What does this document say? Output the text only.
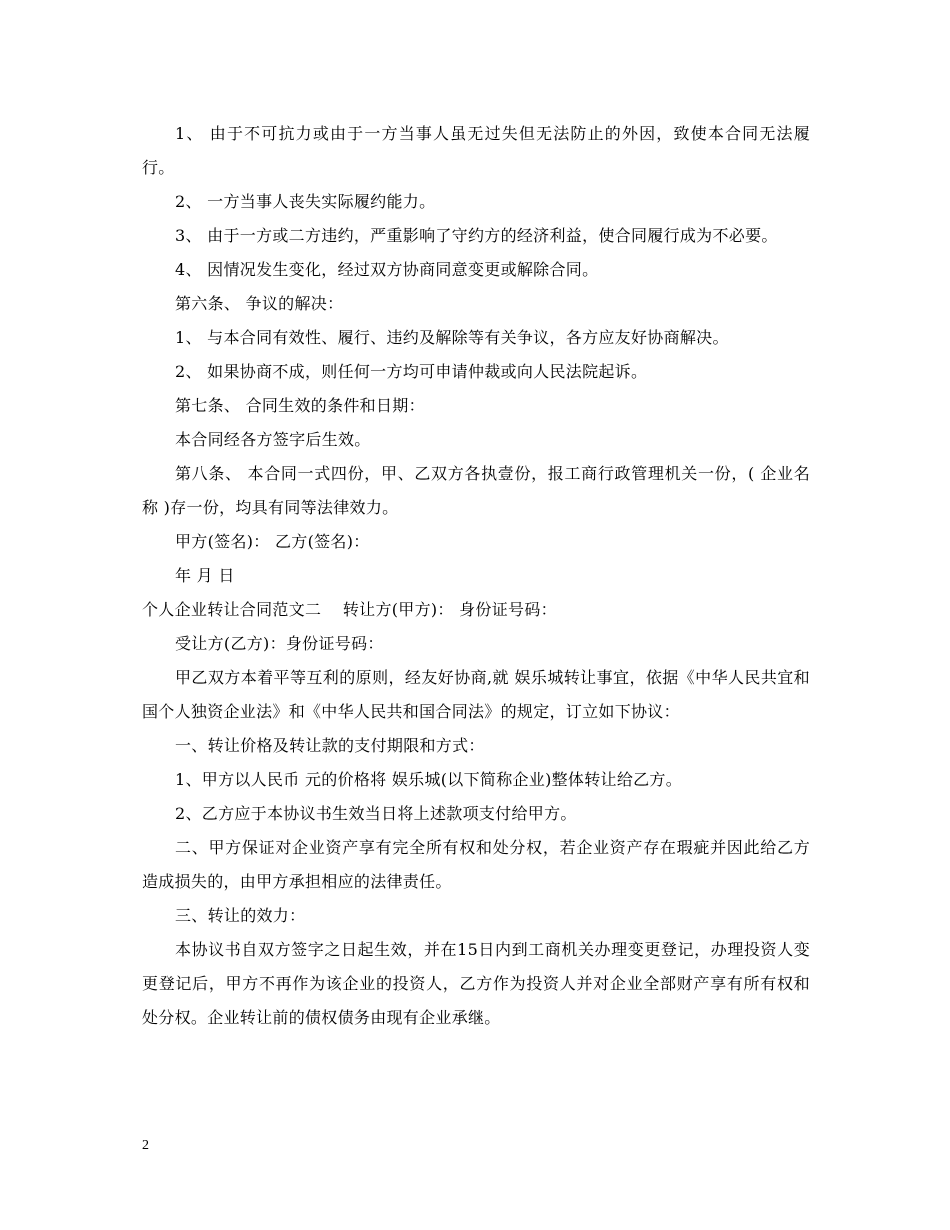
1、 由于不可抗力或由于一方当事人虽无过失但无法防止的外因，致使本合同无法履行。

2、 一方当事人丧失实际履约能力。

3、 由于一方或二方违约，严重影响了守约方的经济利益，使合同履行成为不必要。

4、 因情况发生变化，经过双方协商同意变更或解除合同。

第六条、 争议的解决：

1、 与本合同有效性、履行、违约及解除等有关争议，各方应友好协商解决。

2、 如果协商不成，则任何一方均可申请仲裁或向人民法院起诉。

第七条、 合同生效的条件和日期：

本合同经各方签字后生效。

第八条、 本合同一式四份，甲、乙双方各执壹份，报工商行政管理机关一份，( 企业名称 )存一份，均具有同等法律效力。

甲方(签名)： 乙方(签名)：

年 月 日

个人企业转让合同范文二    转让方(甲方)： 身份证号码：

受让方(乙方)：身份证号码：

甲乙双方本着平等互利的原则，经友好协商,就 娱乐城转让事宜，依据《中华人民共宜和国个人独资企业法》和《中华人民共和国合同法》的规定，订立如下协议：

一、转让价格及转让款的支付期限和方式：

1、甲方以人民币 元的价格将 娱乐城(以下简称企业)整体转让给乙方。

2、乙方应于本协议书生效当日将上述款项支付给甲方。

二、甲方保证对企业资产享有完全所有权和处分权，若企业资产存在瑕疵并因此给乙方造成损失的，由甲方承担相应的法律责任。

三、转让的效力：

本协议书自双方签字之日起生效，并在15日内到工商机关办理变更登记，办理投资人变更登记后，甲方不再作为该企业的投资人，乙方作为投资人并对企业全部财产享有所有权和处分权。企业转让前的债权债务由现有企业承继。

2
